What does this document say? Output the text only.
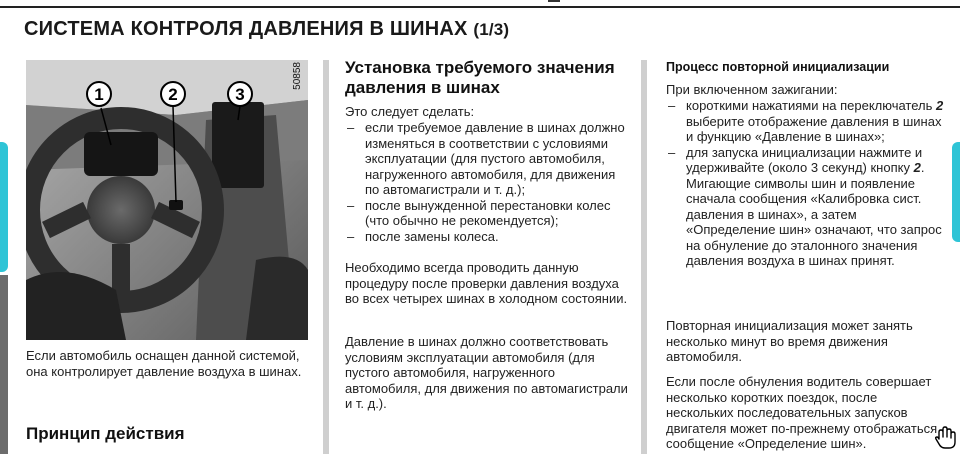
СИСТЕМА КОНТРОЛЯ ДАВЛЕНИЯ В ШИНАХ (1/3)
1	2	3
50858

Если автомобиль оснащен данной системой, она контролирует давление воздуха в шинах.

Принцип действия
Установка требуемого значения давления в шинах

Это следует сделать:

– если требуемое давление в шинах должно изменяться в соответствии с условиями эксплуатации (для пустого автомобиля, нагруженного автомобиля, для движения по автомагистрали и т. д.);
– после вынужденной перестановки колес (что обычно не рекомендуется);
– после замены колеса.

Необходимо всегда проводить данную процедуру после проверки давления воздуха во всех четырех шинах в холодном состоянии.

Давление в шинах должно соответствовать условиям эксплуатации автомобиля (для пустого автомобиля, нагруженного автомобиля, для движения по автомагистрали и т. д.).

Процесс повторной инициализации

При включенном зажигании:

– короткими нажатиями на переключатель 2 выберите отображение давления в шинах и функцию «Давление в шинах»;
– для запуска инициализации нажмите и удерживайте (около 3 секунд) кнопку 2. Мигающие символы шин и появление сначала сообщения «Калибровка сист. давления в шинах», а затем «Определение шин» означают, что запрос на обнуление до эталонного значения давления воздуха в шинах принят.

Повторная инициализация может занять несколько минут во время движения автомобиля.

Если после обнуления водитель совершает несколько коротких поездок, после нескольких последовательных запусков двигателя может по-прежнему отображаться сообщение «Определение шин».
